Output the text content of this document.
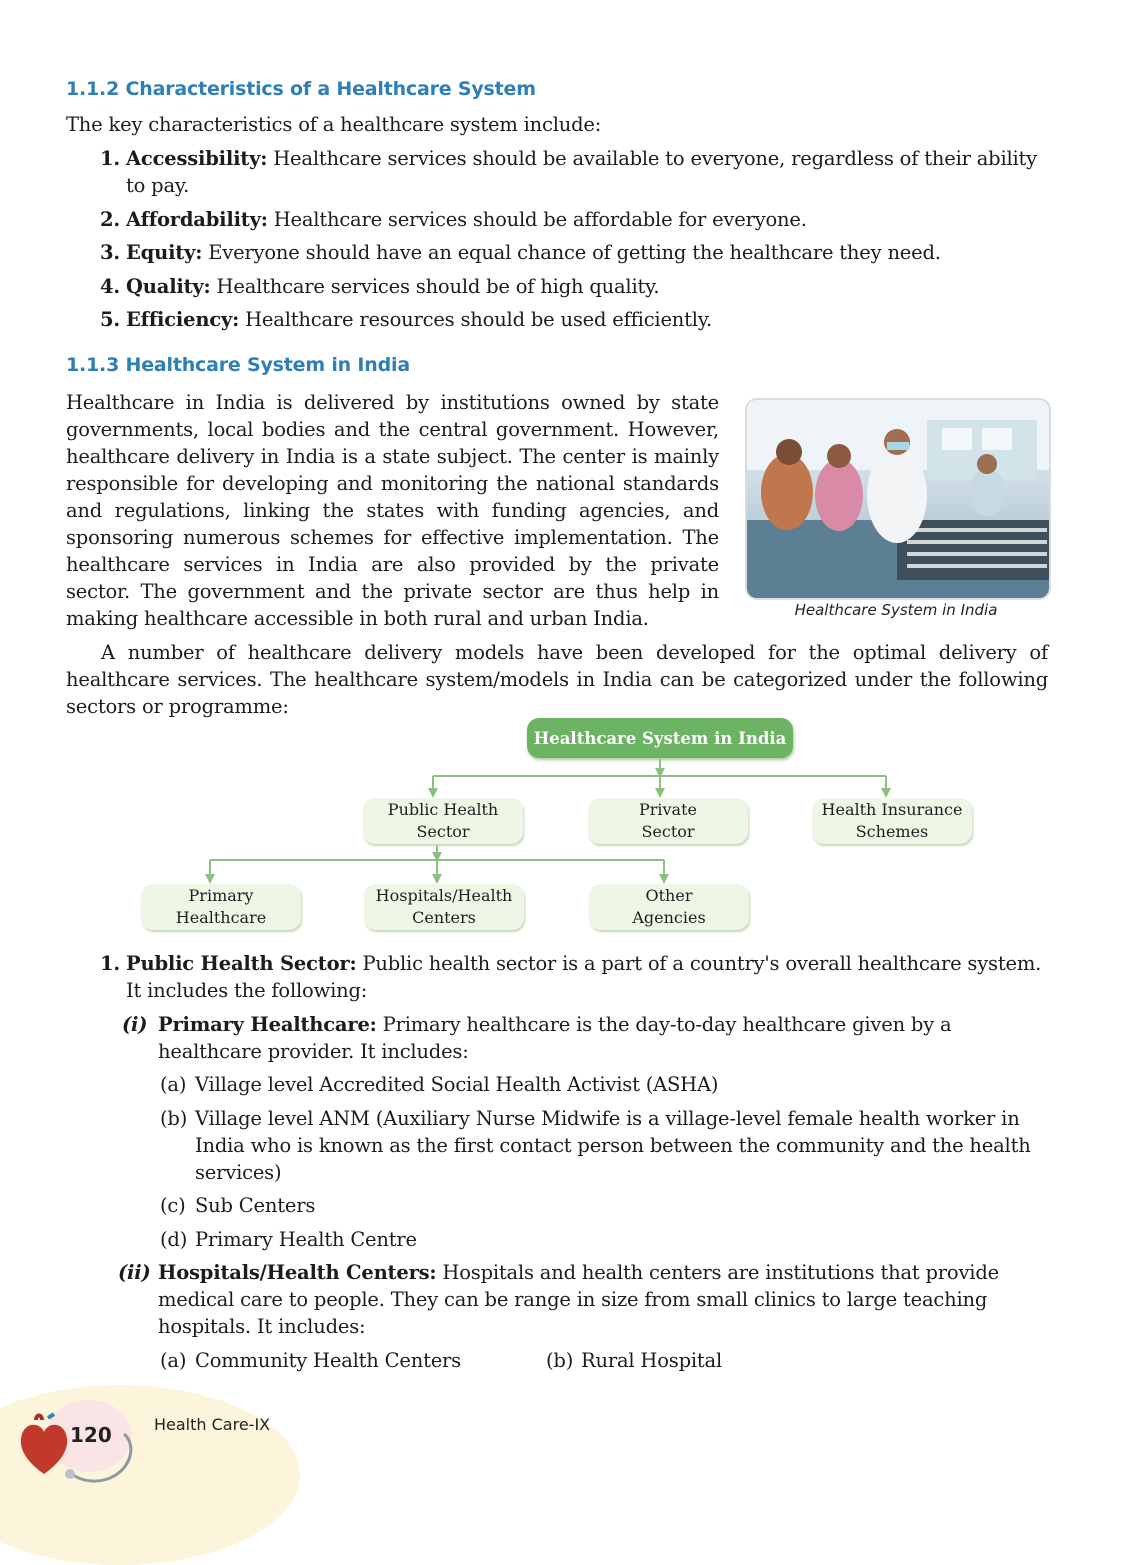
1.1.2 Characteristics of a Healthcare System

The key characteristics of a healthcare system include:

1. Accessibility: Healthcare services should be available to everyone, regardless of their ability to pay.
2. Affordability: Healthcare services should be affordable for everyone.
3. Equity: Everyone should have an equal chance of getting the healthcare they need.
4. Quality: Healthcare services should be of high quality.
5. Efficiency: Healthcare resources should be used efficiently.
1.1.3 Healthcare System in India

Healthcare in India is delivered by institutions owned by state governments, local bodies and the central government. However, healthcare delivery in India is a state subject. The center is mainly responsible for developing and monitoring the national standards and regulations, linking the states with funding agencies, and sponsoring numerous schemes for effective implementation. The healthcare services in India are also provided by the private sector. The government and the private sector are thus help in making healthcare accessible in both rural and urban India.	Healthcare System in India

A number of healthcare delivery models have been developed for the optimal delivery of healthcare services. The healthcare system/models in India can be categorized under the following sectors or programme:

Healthcare System in India
Public Health
Sector
Private
Sector
Health Insurance
Schemes
Primary
Healthcare
Hospitals/Health
Centers
Other
Agencies
1. Public Health Sector: Public health sector is a part of a country's overall healthcare system. It includes the following:
(i) Primary Healthcare: Primary healthcare is the day-to-day healthcare given by a healthcare provider. It includes:
(a) Village level Accredited Social Health Activist (ASHA)
(b) Village level ANM (Auxiliary Nurse Midwife is a village-level female health worker in India who is known as the first contact person between the community and the health services)
(c) Sub Centers
(d) Primary Health Centre
(ii) Hospitals/Health Centers: Hospitals and health centers are institutions that provide medical care to people. They can be range in size from small clinics to large teaching hospitals. It includes:
(a) Community Health Centers	(b) Rural Hospital
120	Health Care-IX
